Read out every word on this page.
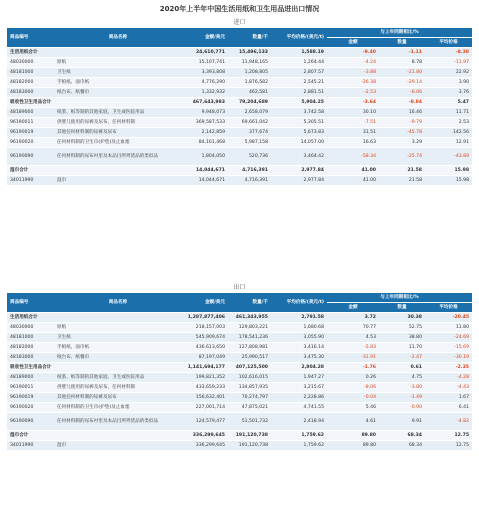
2020年上半年中国生活用纸和卫生用品进出口情况
进口
商品编号	商品名称	金额/美元	数量/千	平均价格/(美元/t)	与上年同期相比/%		
					金额	数量	平均价格
生活用纸合计		24,610,771	15,496,133	1,588.19	-9.40	-1.11	-8.38
48030000	原纸	15,107,741	11,948,165	1,264.44	-4.24	8.78	-11.97
48181000	卫生纸	3,393,808	1,208,805	2,807.57	-3.88	-21.80	22.92
48182000	手帕纸、面巾纸	4,776,290	1,876,582	2,545.21	-26.38	-29.14	3.90
48183000	纸台布、纸餐巾	1,332,932	462,581	2,881.51	-2.53	-6.06	3.76
吸收性卫生用品合计		467,643,983	79,204,689	5,904.25	-3.64	-8.84	5.47
48189000	纸浆、纸等制的其他家庭、卫生或医院用品	9,948,073	2,658,079	3,742.58	30.10	16.46	11.71
96190011	供婴儿使用的尿裤及尿布，任何材料制	369,587,533	69,661,042	5,305.51	-7.51	-9.79	2.53
96190019	其他任何材料制的尿裤及尿布	2,142,859	377,674	5,673.83	31.51	-45.78	142.56
96190020	任何材料制的卫生巾(护垫)及止血塞	84,161,468	5,987,158	14,057.00	16.63	3.29	12.91
96190090	任何材料制的尿布衬里及本品目所列货品的类似品	1,804,050	520,736	3,464.42	-58.34	-25.74	-43.89
湿巾合计		14,044,671	4,716,391	2,977.84	41.00	21.58	15.98
34011990	湿巾	14,044,671	4,716,391	2,977.84	41.00	21.58	15.98
出口
商品编号	商品名称	金额/美元	数量/千	平均价格/(美元/t)	与上年同期相比/%		
					金额	数量	平均价格
生活用纸合计		1,287,877,406	461,343,955	2,791.58	3.72	30.38	-20.45
48030000	原纸	218,157,003	129,803,221	1,680.68	70.77	52.75	11.80
48181000	卫生纸	545,909,674	178,541,236	3,055.90	4.53	38.80	-24.69
48182000	手帕纸、面巾纸	436,613,650	127,808,981	3,416.14	-5.83	11.70	-15.69
48183000	纸台布、纸餐巾	87,197,049	25,990,517	3,475.30	-31.91	-2.47	-30.19
吸收性卫生用品合计		1,141,694,177	407,125,500	2,804.28	-1.76	0.61	-2.35
48189000	纸浆、纸等制的其他家庭、卫生或医院用品	199,821,352	102,616,015	1,947.27	0.26	4.75	-4.28
96190011	供婴儿使用的尿裤及尿布，任何材料制	433,659,233	134,857,935	3,215.67	-8.06	-3.80	-4.43
96190019	其他任何材料制的尿裤及尿布	156,632,401	70,274,797	2,228.86	-0.04	-1.49	1.67
96190020	任何材料制的卫生巾(护垫)及止血塞	227,001,714	47,875,021	4,741.55	5.46	-0.90	6.41
96190090	任何材料制的尿布衬里及本品目所列货品的类似品	124,579,477	51,501,732	2,418.94	4.61	9.91	-4.82
湿巾合计		336,299,645	191,120,738	1,759.62	89.80	68.34	12.75
34011990	湿巾	336,299,645	191,120,738	1,759.62	89.80	68.34	12.75
